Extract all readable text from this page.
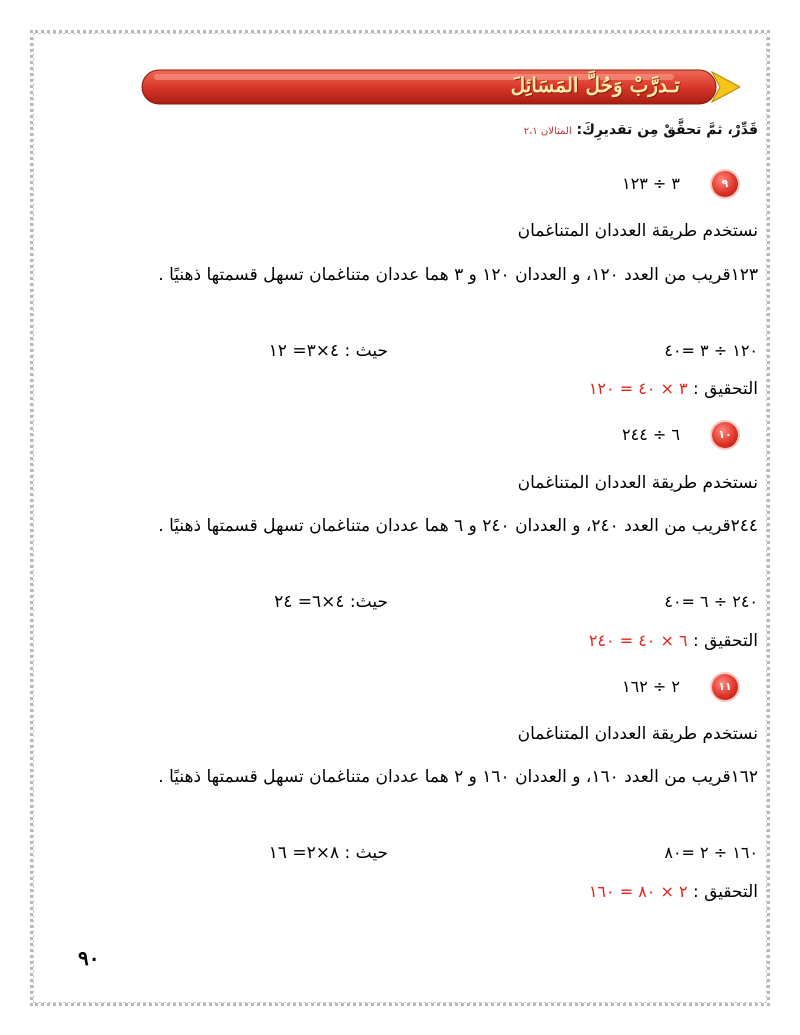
تـدرَّبْ وَحُلَّ المَسَائِلَ
قَدِّرْ، ثمَّ تحقَّقْ مِن تقديرِكَ: المثالان ٢،١
٩
٣ ÷ ١٢٣
نستخدم طريقة العددان المتناغمان
١٢٣قريب من العدد ١٢٠، و العددان ١٢٠ و ٣ هما عددان متناغمان تسهل قسمتها ذهنيًا .
١٢٠ ÷ ٣ =٤٠
حيث : ٤×٣= ١٢
التحقيق : ٣ × ٤٠ = ١٢٠
١٠
٦ ÷ ٢٤٤
نستخدم طريقة العددان المتناغمان
٢٤٤قريب من العدد ٢٤٠، و العددان ٢٤٠ و ٦ هما عددان متناغمان تسهل قسمتها ذهنيًا .
٢٤٠ ÷ ٦ =٤٠
حيث: ٤×٦= ٢٤
التحقيق : ٦ × ٤٠ = ٢٤٠
١١
٢ ÷ ١٦٢
نستخدم طريقة العددان المتناغمان
١٦٢قريب من العدد ١٦٠، و العددان ١٦٠ و ٢ هما عددان متناغمان تسهل قسمتها ذهنيًا .
١٦٠ ÷ ٢ =٨٠
حيث : ٨×٢= ١٦
التحقيق : ٢ × ٨٠ = ١٦٠
٩٠
